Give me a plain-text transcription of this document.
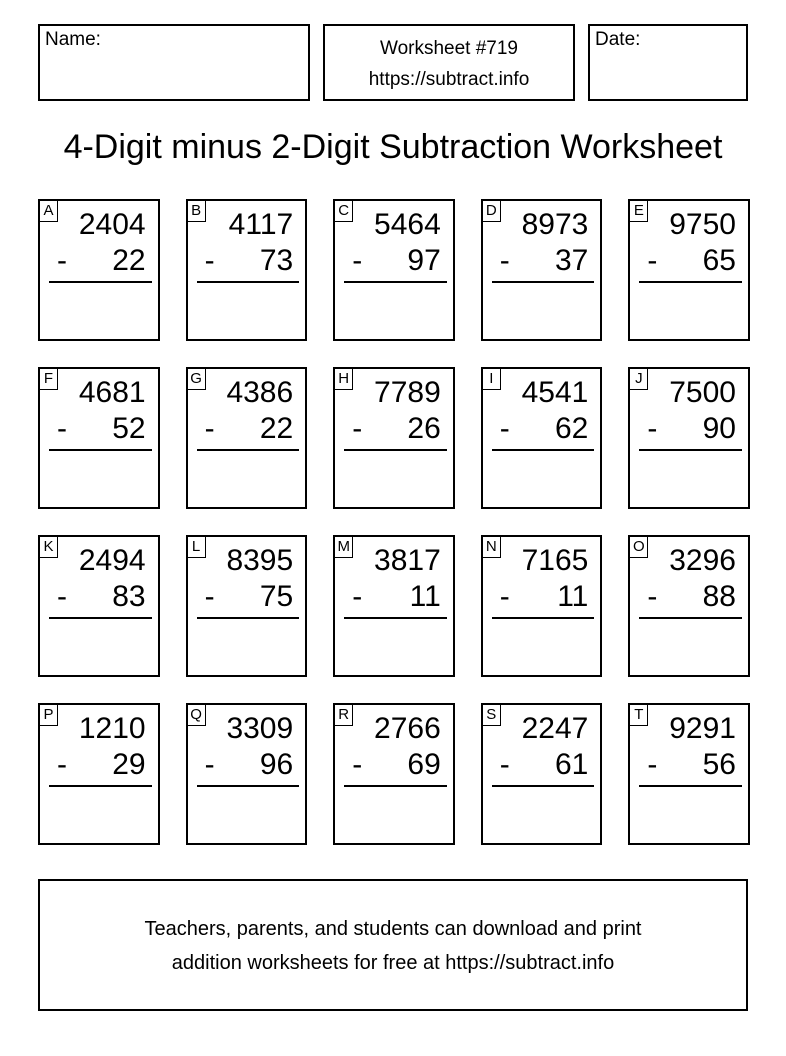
Name:	Worksheet #719
https://subtract.info
Date:
4-Digit minus 2-Digit Subtraction Worksheet
A 2404
- 22
B 4117
- 73
C 5464
- 97
D 8973
- 37
E 9750
- 65
F 4681
- 52
G 4386
- 22
H 7789
- 26
I 4541
- 62
J 7500
- 90
K 2494
- 83
L 8395
- 75
M 3817
- 11
N 7165
- 11
O 3296
- 88
P 1210
- 29
Q 3309
- 96
R 2766
- 69
S 2247
- 61
T 9291
- 56
Teachers, parents, and students can download and print
addition worksheets for free at https://subtract.info
